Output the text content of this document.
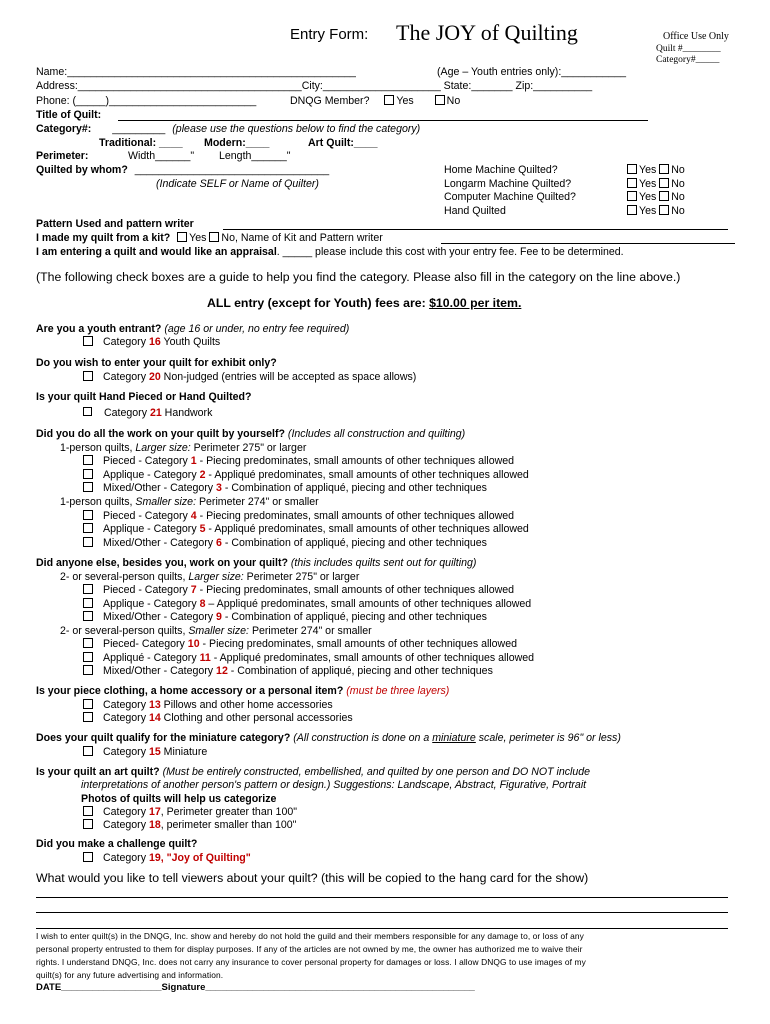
Entry Form: The JOY of Quilting	Office Use Only
Quilt #________
Category#_____
Name:_________________________________________________	(Age – Youth entries only):___________
Address:______________________________________City:____________________ State:_______ Zip:__________
Phone: (_____)_________________________	DNQG Member?	Yes	No
Title of Quilt:
Category#: _________ (please use the questions below to find the category)
Traditional: ____ Modern:____	Art Quilt:____
Perimeter:	Width______" Length______"
Quilted by whom? _________________________________
(Indicate SELF or Name of Quilter)
Home Machine Quilted?	Yes No
Longarm Machine Quilted?	Yes No
Computer Machine Quilted?	Yes No
Hand Quilted	Yes No
Pattern Used and pattern writer
I made my quilt from a kit? Yes No, Name of Kit and Pattern writer
I am entering a quilt and would like an appraisal. _____ please include this cost with your entry fee. Fee to be determined.
(The following check boxes are a guide to help you find the category. Please also fill in the category on the line above.)
ALL entry (except for Youth) fees are: $10.00 per item.
Are you a youth entrant? (age 16 or under, no entry fee required)
Category 16 Youth Quilts
Do you wish to enter your quilt for exhibit only?
Category 20 Non-judged (entries will be accepted as space allows)
Is your quilt Hand Pieced or Hand Quilted?
Category 21 Handwork
Did you do all the work on your quilt by yourself? (Includes all construction and quilting)
1-person quilts, Larger size: Perimeter 275" or larger
Pieced - Category 1 - Piecing predominates, small amounts of other techniques allowed
Applique - Category 2 - Appliqué predominates, small amounts of other techniques allowed
Mixed/Other - Category 3 - Combination of appliqué, piecing and other techniques
1-person quilts, Smaller size: Perimeter 274" or smaller
Pieced - Category 4 - Piecing predominates, small amounts of other techniques allowed
Applique - Category 5 - Appliqué predominates, small amounts of other techniques allowed
Mixed/Other - Category 6 - Combination of appliqué, piecing and other techniques
Did anyone else, besides you, work on your quilt? (this includes quilts sent out for quilting)
2- or several-person quilts, Larger size: Perimeter 275" or larger
Pieced - Category 7 - Piecing predominates, small amounts of other techniques allowed
Applique - Category 8 – Appliqué predominates, small amounts of other techniques allowed
Mixed/Other - Category 9 - Combination of appliqué, piecing and other techniques
2- or several-person quilts, Smaller size: Perimeter 274" or smaller
Pieced- Category 10 - Piecing predominates, small amounts of other techniques allowed
Appliqué - Category 11 - Appliqué predominates, small amounts of other techniques allowed
Mixed/Other - Category 12 - Combination of appliqué, piecing and other techniques
Is your piece clothing, a home accessory or a personal item? (must be three layers)
Category 13 Pillows and other home accessories
Category 14 Clothing and other personal accessories
Does your quilt qualify for the miniature category? (All construction is done on a miniature scale, perimeter is 96" or less)
Category 15 Miniature
Is your quilt an art quilt? (Must be entirely constructed, embellished, and quilted by one person and DO NOT include
interpretations of another person's pattern or design.) Suggestions: Landscape, Abstract, Figurative, Portrait
Photos of quilts will help us categorize
Category 17, Perimeter greater than 100"
Category 18, perimeter smaller than 100"
Did you make a challenge quilt?
Category 19, "Joy of Quilting"
What would you like to tell viewers about your quilt? (this will be copied to the hang card for the show)
I wish to enter quilt(s) in the DNQG, Inc. show and hereby do not hold the guild and their members responsible for any damage to, or loss of any
personal property entrusted to them for display purposes. If any of the articles are not owned by me, the owner has authorized me to waive their
rights. I understand DNQG, Inc. does not carry any insurance to cover personal property for damages or loss. I allow DNQG to use images of my
quilt(s) for any future advertising and information.
DATE___________________Signature___________________________________________________
